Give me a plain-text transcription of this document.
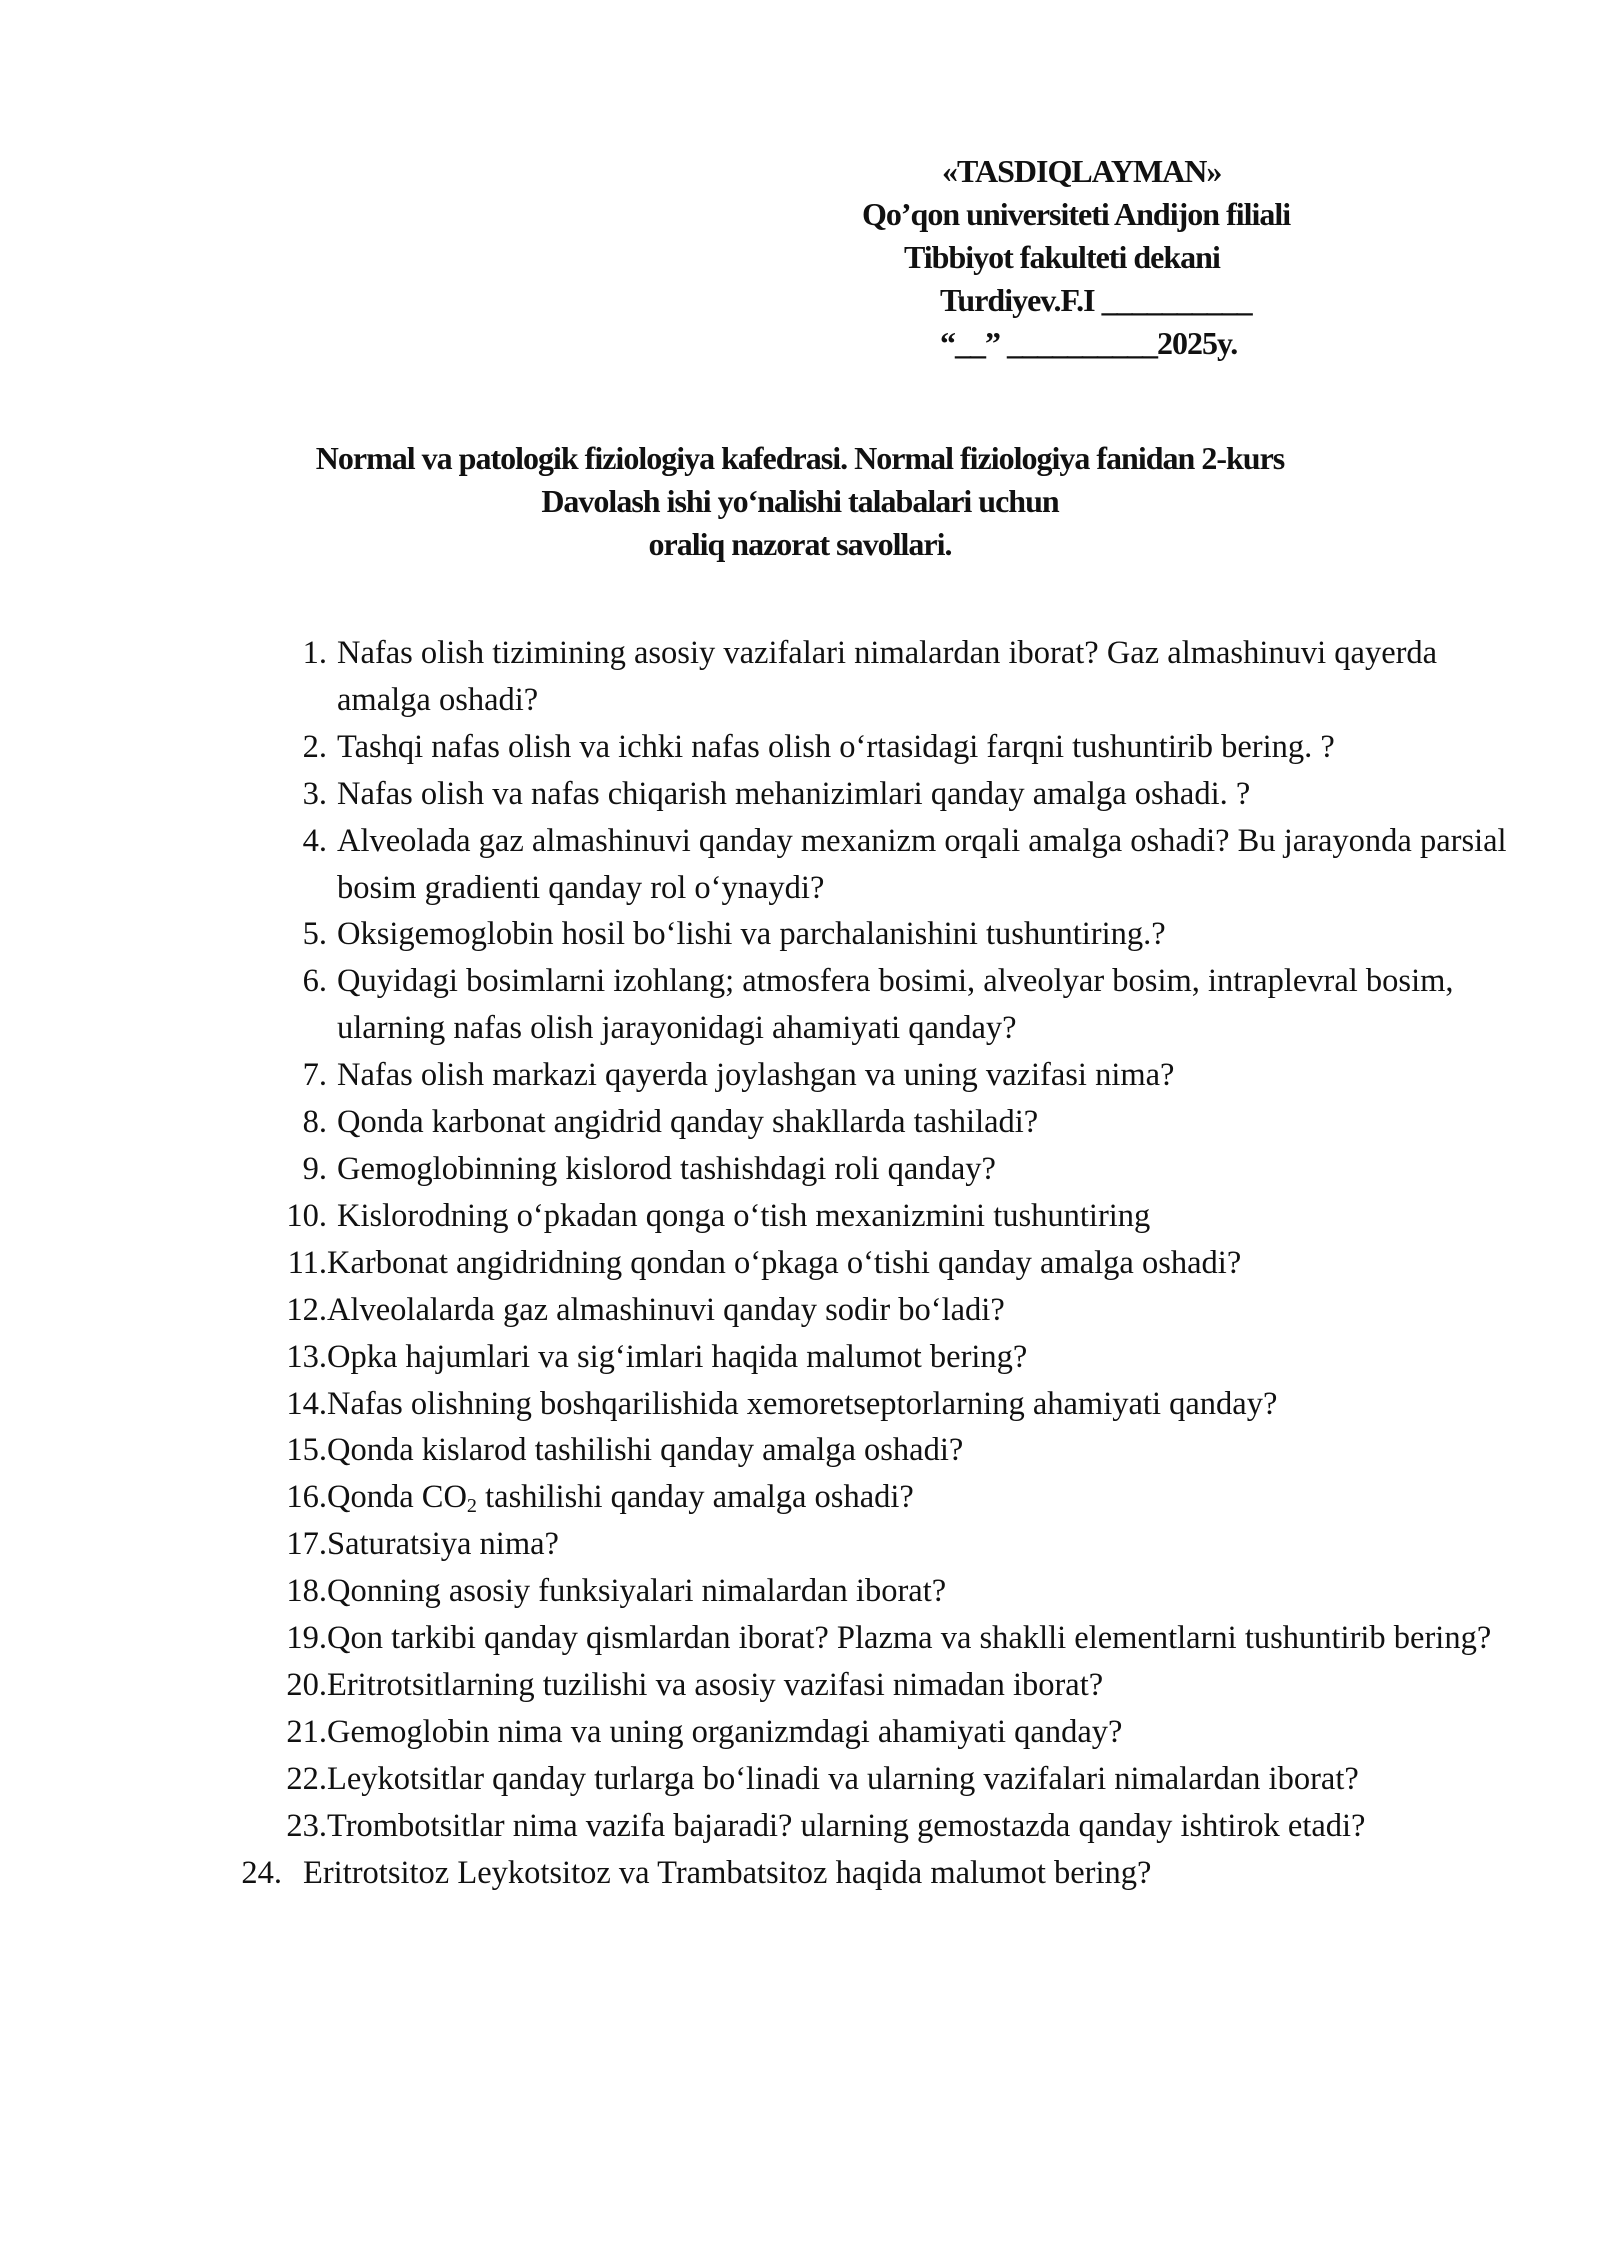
«TASDIQLAYMAN»
Qo’qon universiteti Andijon filiali
Tibbiyot fakulteti dekani
Turdiyev.F.I __________
“__” __________2025y.
Normal va patologik fiziologiya kafedrasi. Normal fiziologiya fanidan 2-kurs
Davolash ishi yo‘nalishi talabalari uchun
oraliq nazorat savollari.
1. Nafas olish tizimining asosiy vazifalari nimalardan iborat? Gaz almashinuvi qayerda amalga oshadi?
2. Tashqi nafas olish va ichki nafas olish o‘rtasidagi farqni tushuntirib bering. ?
3. Nafas olish va nafas chiqarish mehanizimlari qanday amalga oshadi. ?
4. Alveolada gaz almashinuvi qanday mexanizm orqali amalga oshadi? Bu jarayonda parsial bosim gradienti qanday rol o‘ynaydi?
5. Oksigemoglobin hosil bo‘lishi va parchalanishini tushuntiring.?
6. Quyidagi bosimlarni izohlang; atmosfera bosimi, alveolyar bosim, intraplevral bosim, ularning nafas olish jarayonidagi ahamiyati qanday?
7. Nafas olish markazi qayerda joylashgan va uning vazifasi nima?
8. Qonda karbonat angidrid qanday shakllarda tashiladi?
9. Gemoglobinning kislorod tashishdagi roli qanday?
10. Kislorodning o‘pkadan qonga o‘tish mexanizmini tushuntiring
11. Karbonat angidridning qondan o‘pkaga o‘tishi qanday amalga oshadi?
12. Alveolalarda gaz almashinuvi qanday sodir bo‘ladi?
13. Opka hajumlari va sig‘imlari haqida malumot bering?
14. Nafas olishning boshqarilishida xemoretseptorlarning ahamiyati qanday?
15. Qonda kislarod tashilishi qanday amalga oshadi?
16. Qonda $CO_2$ tashilishi qanday amalga oshadi?
17. Saturatsiya nima?
18. Qonning asosiy funksiyalari nimalardan iborat?
19. Qon tarkibi qanday qismlardan iborat? Plazma va shaklli elementlarni tushuntirib bering?
20. Eritrotsitlarning tuzilishi va asosiy vazifasi nimadan iborat?
21. Gemoglobin nima va uning organizmdagi ahamiyati qanday?
22. Leykotsitlar qanday turlarga bo‘linadi va ularning vazifalari nimalardan iborat?
23. Trombotsitlar nima vazifa bajaradi? ularning gemostazda qanday ishtirok etadi?
24. Eritrotsitoz Leykotsitoz va Trambatsitoz haqida malumot bering?
